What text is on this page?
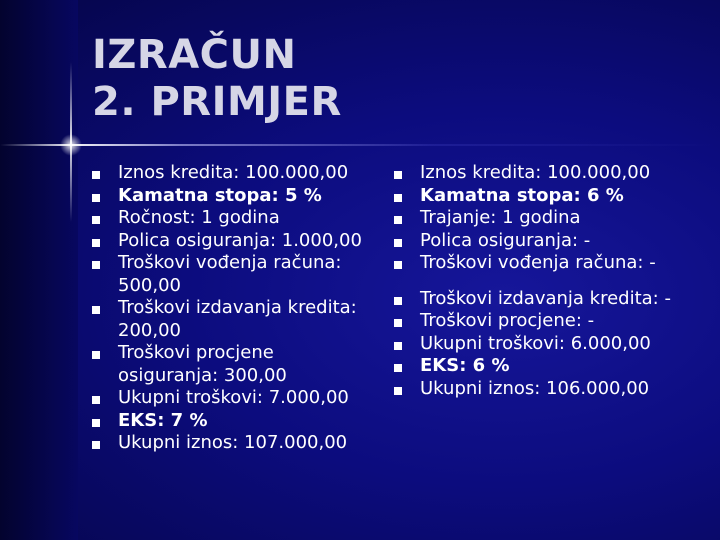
IZRAČUN
2. PRIMJER
Iznos kredita: 100.000,00
Kamatna stopa: 5 %
Ročnost: 1 godina
Polica osiguranja: 1.000,00
Troškovi vođenja računa: 500,00
Troškovi izdavanja kredita: 200,00
Troškovi procjene osiguranja: 300,00
Ukupni troškovi: 7.000,00
EKS: 7 %
Ukupni iznos: 107.000,00
Iznos kredita: 100.000,00
Kamatna stopa: 6 %
Trajanje: 1 godina
Polica osiguranja: -
Troškovi vođenja računa: -
Troškovi izdavanja kredita: -
Troškovi procjene: -
Ukupni troškovi: 6.000,00
EKS: 6 %
Ukupni iznos: 106.000,00
